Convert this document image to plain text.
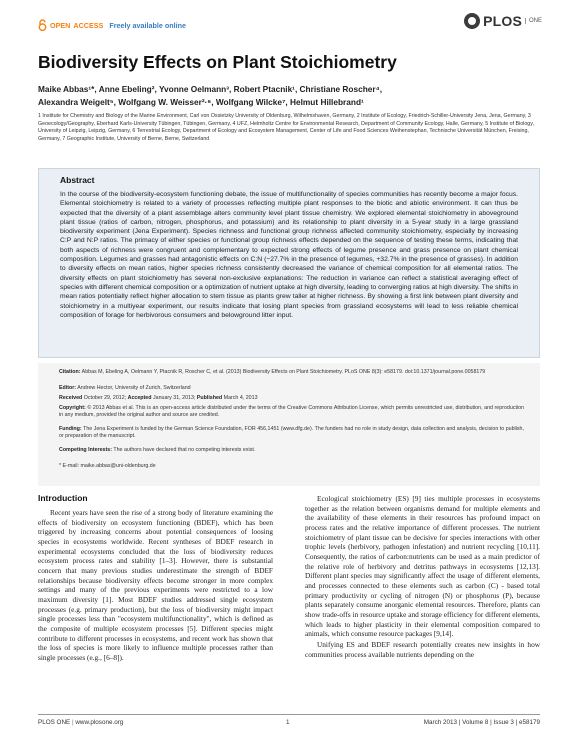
OPEN ACCESS Freely available online	PLOS	ONE
Biodiversity Effects on Plant Stoichiometry
Maike Abbas¹*, Anne Ebeling², Yvonne Oelmann³, Robert Ptacnik¹, Christiane Roscher⁴,
Alexandra Weigelt⁵, Wolfgang W. Weisser²·⁶, Wolfgang Wilcke⁷, Helmut Hillebrand¹
1 Institute for Chemistry and Biology of the Marine Environment, Carl von Ossietzky University of Oldenburg, Wilhelmshaven, Germany, 2 Institute of Ecology, Friedrich-Schiller-University Jena, Jena, Germany, 3 Geoecology/Geography, Eberhard Karls-University Tübingen, Tübingen, Germany, 4 UFZ, Helmholtz Centre for Environmental Research, Department of Community Ecology, Halle, Germany, 5 Institute of Biology, University of Leipzig, Leipzig, Germany, 6 Terrestrial Ecology, Department of Ecology and Ecosystem Management, Center of Life and Food Sciences Weihenstephan, Technische Universität München, Freising, Germany, 7 Geographic Institute, University of Berne, Berne, Switzerland
Abstract

In the course of the biodiversity-ecosystem functioning debate, the issue of multifunctionality of species communities has recently become a major focus. Elemental stoichiometry is related to a variety of processes reflecting multiple plant responses to the biotic and abiotic environment. It can thus be expected that the diversity of a plant assemblage alters community level plant tissue chemistry. We explored elemental stoichiometry in aboveground plant tissue (ratios of carbon, nitrogen, phosphorus, and potassium) and its relationship to plant diversity in a 5-year study in a large grassland biodiversity experiment (Jena Experiment). Species richness and functional group richness affected community stoichiometry, especially by increasing C:P and N:P ratios. The primacy of either species or functional group richness effects depended on the sequence of testing these terms, indicating that both aspects of richness were congruent and complementary to expected strong effects of legume presence and grass presence on plant chemical composition. Legumes and grasses had antagonistic effects on C:N (−27.7% in the presence of legumes, +32.7% in the presence of grasses). In addition to diversity effects on mean ratios, higher species richness consistently decreased the variance of chemical composition for all elemental ratios. The diversity effects on plant stoichiometry has several non-exclusive explanations: The reduction in variance can reflect a statistical averaging effect of species with different chemical composition or a optimization of nutrient uptake at high diversity, leading to converging ratios at high diversity. The shifts in mean ratios potentially reflect higher allocation to stem tissue as plants grew taller at higher richness. By showing a first link between plant diversity and stoichiometry in a multiyear experiment, our results indicate that losing plant species from grassland ecosystems will lead to less reliable chemical composition of forage for herbivorous consumers and belowground litter input.

Citation: Abbas M, Ebeling A, Oelmann Y, Ptacnik R, Roscher C, et al. (2013) Biodiversity Effects on Plant Stoichiometry. PLoS ONE 8(3): e58179. doi:10.1371/journal.pone.0058179
Editor: Andrew Hector, University of Zurich, Switzerland
Received October 29, 2012; Accepted January 31, 2013; Published March 4, 2013
Copyright: © 2013 Abbas et al. This is an open-access article distributed under the terms of the Creative Commons Attribution License, which permits unrestricted use, distribution, and reproduction in any medium, provided the original author and source are credited.
Funding: The Jena Experiment is funded by the German Science Foundation, FOR 456,1451 (www.dfg.de). The funders had no role in study design, data collection and analysis, decision to publish, or preparation of the manuscript.
Competing Interests: The authors have declared that no competing interests exist.
* E-mail: maike.abbas@uni-oldenburg.de
Introduction

Recent years have seen the rise of a strong body of literature examining the effects of biodiversity on ecosystem functioning (BDEF), which has been triggered by increasing concerns about potential consequences of loosing species in ecosystems worldwide. Recent syntheses of BDEF research in experimental ecosystems concluded that the loss of biodiversity reduces ecosystem process rates and stability [1–3]. However, there is substantial concern that many previous studies underestimate the strength of BDEF relationships because biodiversity effects become stronger in more complex settings and many of the previous experiments were restricted to a low maximum diversity [1]. Most BDEF studies addressed single ecosystem processes (e.g. primary production), but the loss of biodiversity might impact single processes less than "ecosystem multifunctionality", which is defined as the composite of multiple ecosystem processes [5]. Different species might contribute to different processes in ecosystems, and recent work has shown that the loss of species is more likely to influence multiple processes rather than single processes (e.g., [6–8]).

Ecological stoichiometry (ES) [9] ties multiple processes in ecosystems together as the relation between organisms demand for multiple elements and the availability of these elements in their resources has profound impact on process rates and the relative importance of different processes. The nutrient stoichiometry of plant tissue can be decisive for species interactions with other trophic levels (herbivory, pathogen infestation) and nutrient recycling [10,11]. Consequently, the ratios of carbon:nutrients can be used as a main predictor of the relative role of herbivory and detritus pathways in ecosystems [12,13]. Different plant species may significantly affect the usage of different elements, and processes connected to these elements such as carbon (C) - based total primary productivity or cycling of nitrogen (N) or phosphorus (P), because plants separately consume anorganic elemental resources. Therefore, plants can show trade-offs in resource uptake and storage efficiency for different elements, which leads to higher plasticity in their elemental composition compared to animals, which consume resource packages [9,14].

Unifying ES and BDEF research potentially creates new insights in how communities process available nutrients depending on the

PLOS ONE | www.plosone.org	1	March 2013 | Volume 8 | Issue 3 | e58179
